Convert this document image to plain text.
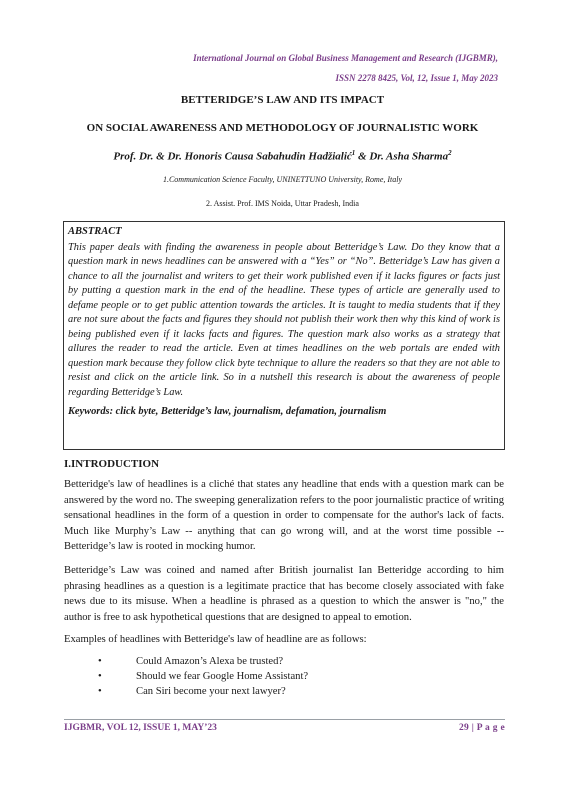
International Journal on Global Business Management and Research (IJGBMR),
ISSN 2278 8425, Vol, 12, Issue 1, May 2023
BETTERIDGE’S LAW AND ITS IMPACT
ON SOCIAL AWARENESS AND METHODOLOGY OF JOURNALISTIC WORK
Prof. Dr. & Dr. Honoris Causa Sabahudin Hadžialić$^1$ & Dr. Asha Sharma$^2$
1.Communication Science Faculty, UNINETTUNO University, Rome, Italy
2. Assist. Prof. IMS Noida, Uttar Pradesh, India
ABSTRACT
This paper deals with finding the awareness in people about Betteridge’s Law. Do they know that a question mark in news headlines can be answered with a “Yes” or “No”. Betteridge’s Law has given a chance to all the journalist and writers to get their work published even if it lacks figures or facts just by putting a question mark in the end of the headline. These types of article are generally used to defame people or to get public attention towards the articles. It is taught to media students that if they are not sure about the facts and figures they should not publish their work then why this kind of work is being published even if it lacks facts and figures. The question mark also works as a strategy that allures the reader to read the article. Even at times headlines on the web portals are ended with question mark because they follow click byte technique to allure the readers so that they are not able to resist and click on the article link. So in a nutshell this research is about the awareness of people regarding Betteridge’s Law.
Keywords: click byte, Betteridge’s law, journalism, defamation, journalism
I.INTRODUCTION
Betteridge's law of headlines is a cliché that states any headline that ends with a question mark can be answered by the word no. The sweeping generalization refers to the poor journalistic practice of writing sensational headlines in the form of a question in order to compensate for the author's lack of facts. Much like Murphy’s Law -- anything that can go wrong will, and at the worst time possible -- Betteridge’s law is rooted in mocking humor.
Betteridge’s Law was coined and named after British journalist Ian Betteridge according to him phrasing headlines as a question is a legitimate practice that has become closely associated with fake news due to its misuse. When a headline is phrased as a question to which the answer is "no," the author is free to ask hypothetical questions that are designed to appeal to emotion.
Examples of headlines with Betteridge's law of headline are as follows:
•	Could Amazon’s Alexa be trusted?
•	Should we fear Google Home Assistant?
•	Can Siri become your next lawyer?
IJGBMR, VOL 12, ISSUE 1, MAY’23	29 | P a g e
